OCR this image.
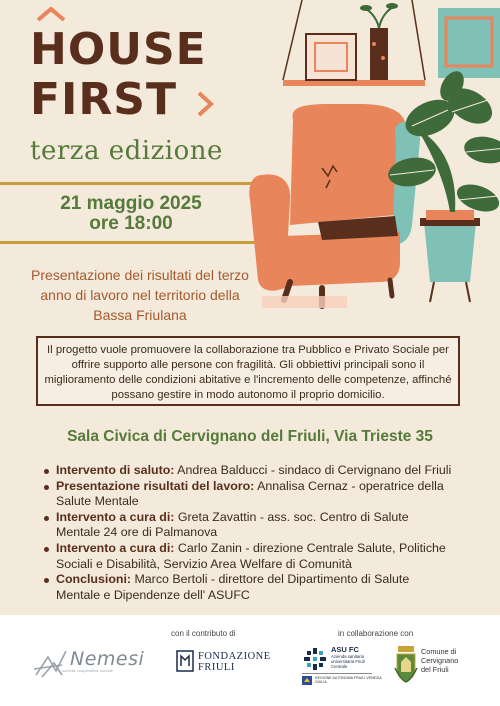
HOUSE
FIRST
terza edizione
21 maggio 2025
ore 18:00
Presentazione dei risultati del terzo anno di lavoro nel territorio della Bassa Friulana
Il progetto vuole promuovere la collaborazione tra Pubblico e Privato Sociale per offrire supporto alle persone con fragilità. Gli obbiettivi principali sono il miglioramento delle condizioni abitative e l'incremento delle competenze, affinché possano gestire in modo autonomo il proprio domicilio.
Sala Civica di Cervignano del Friuli, Via Trieste 35
Intervento di saluto: Andrea Balducci - sindaco di Cervignano del Friuli
Presentazione risultati del lavoro: Annalisa Cernaz - operatrice della Salute Mentale
Intervento a cura di: Greta Zavattin - ass. soc. Centro di Salute Mentale 24 ore di Palmanova
Intervento a cura di: Carlo Zanin - direzione Centrale Salute, Politiche Sociali e Disabilità, Servizio Area Welfare di Comunità
Conclusioni: Marco Bertoli - direttore del Dipartimento di Salute Mentale e Dipendenze dell' ASUFC
con il contributo di	in collaborazione con
Nemesi
società cooperativa sociale
FONDAZIONE
FRIULI
ASU FC
Azienda sanitaria universitaria Friuli Centrale
REGIONE AUTONOMA FRIULI VENEZIA GIULIA
Comune di
Cervignano
del Friuli
